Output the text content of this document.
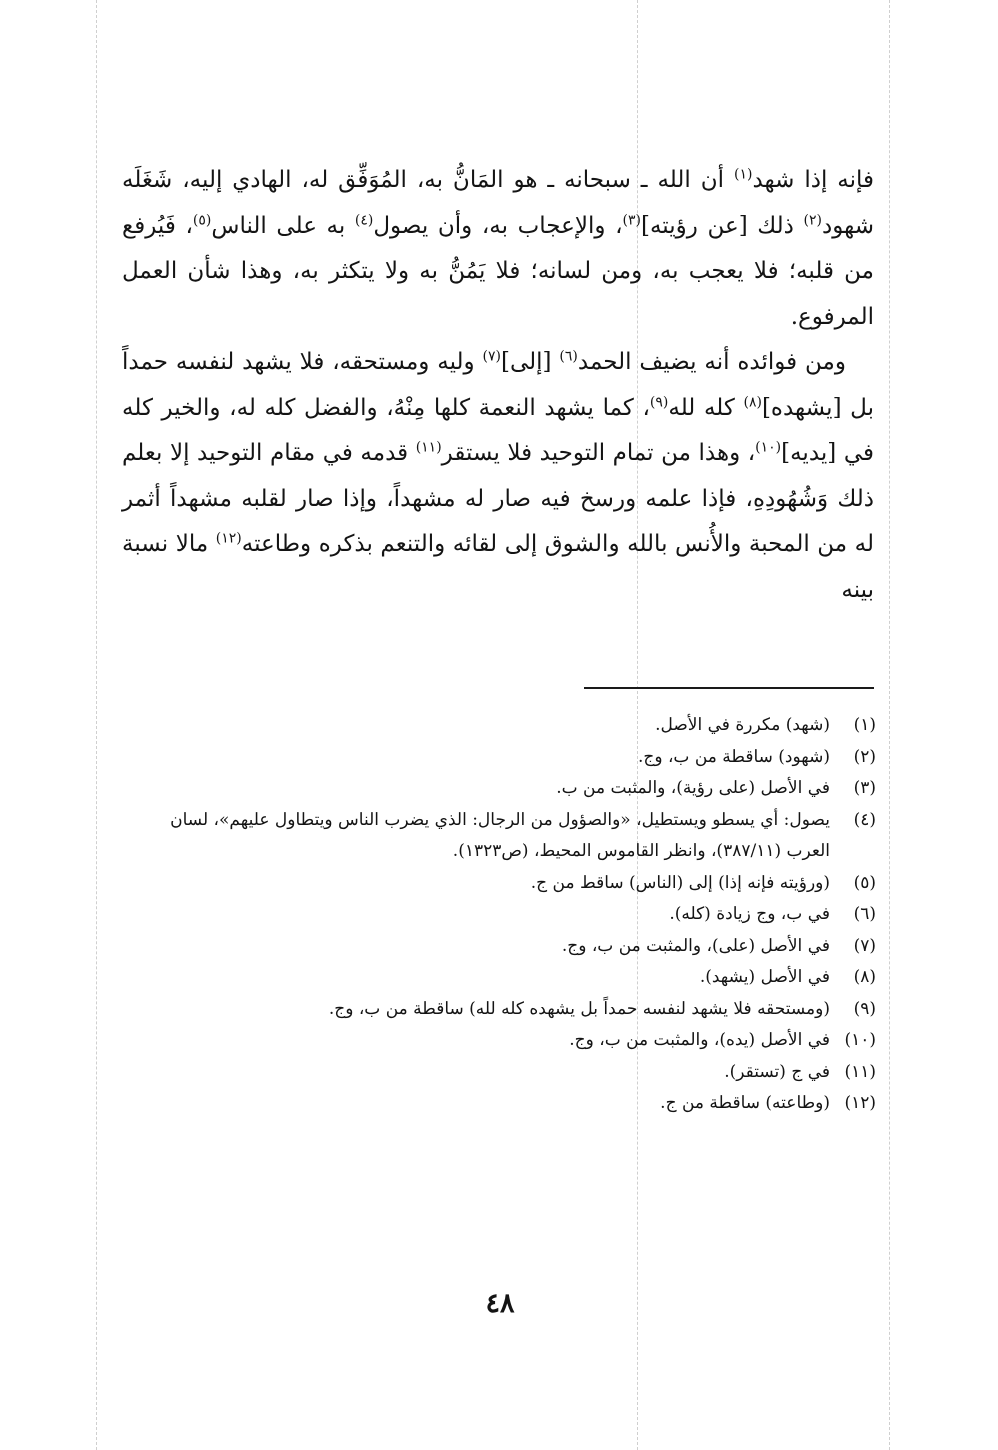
فإنه إذا شهد$^{(١)}$ أن الله ـ سبحانه ـ هو المَانُّ به، المُوَفِّق له، الهادي إليه، شَغَلَه شهود$^{(٢)}$ ذلك [عن رؤيته]$^{(٣)}$، والإعجاب به، وأن يصول$^{(٤)}$ به على الناس$^{(٥)}$، فَيُرفع من قلبه؛ فلا يعجب به، ومن لسانه؛ فلا يَمُنُّ به ولا يتكثر به، وهذا شأن العمل المرفوع.

ومن فوائده أنه يضيف الحمد$^{(٦)}$ [إلى]$^{(٧)}$ وليه ومستحقه، فلا يشهد لنفسه حمداً بل [يشهده]$^{(٨)}$ كله لله$^{(٩)}$، كما يشهد النعمة كلها مِنْهُ، والفضل كله له، والخير كله في [يديه]$^{(١٠)}$، وهذا من تمام التوحيد فلا يستقر$^{(١١)}$ قدمه في مقام التوحيد إلا بعلم ذلك وَشُهُودِهِ، فإذا علمه ورسخ فيه صار له مشهداً، وإذا صار لقلبه مشهداً أثمر له من المحبة والأُنس بالله والشوق إلى لقائه والتنعم بذكره وطاعته$^{(١٢)}$ مالا نسبة بينه

(١)
(شهد) مكررة في الأصل.
(٢)
(شهود) ساقطة من ب، وج.
(٣)
في الأصل (على رؤية)، والمثبت من ب.
(٤)
يصول: أي يسطو ويستطيل، «والصؤول من الرجال: الذي يضرب الناس ويتطاول عليهم»، لسان العرب (٣٨٧/١١)، وانظر القاموس المحيط، (ص١٣٢٣).
(٥)
(ورؤيته فإنه إذا) إلى (الناس) ساقط من ج.
(٦)
في ب، وج زيادة (كله).
(٧)
في الأصل (على)، والمثبت من ب، وج.
(٨)
في الأصل (يشهد).
(٩)
(ومستحقه فلا يشهد لنفسه حمداً بل يشهده كله لله) ساقطة من ب، وج.
(١٠)
في الأصل (يده)، والمثبت من ب، وج.
(١١)
في ج (تستقر).
(١٢)
(وطاعته) ساقطة من ج.
٤٨
